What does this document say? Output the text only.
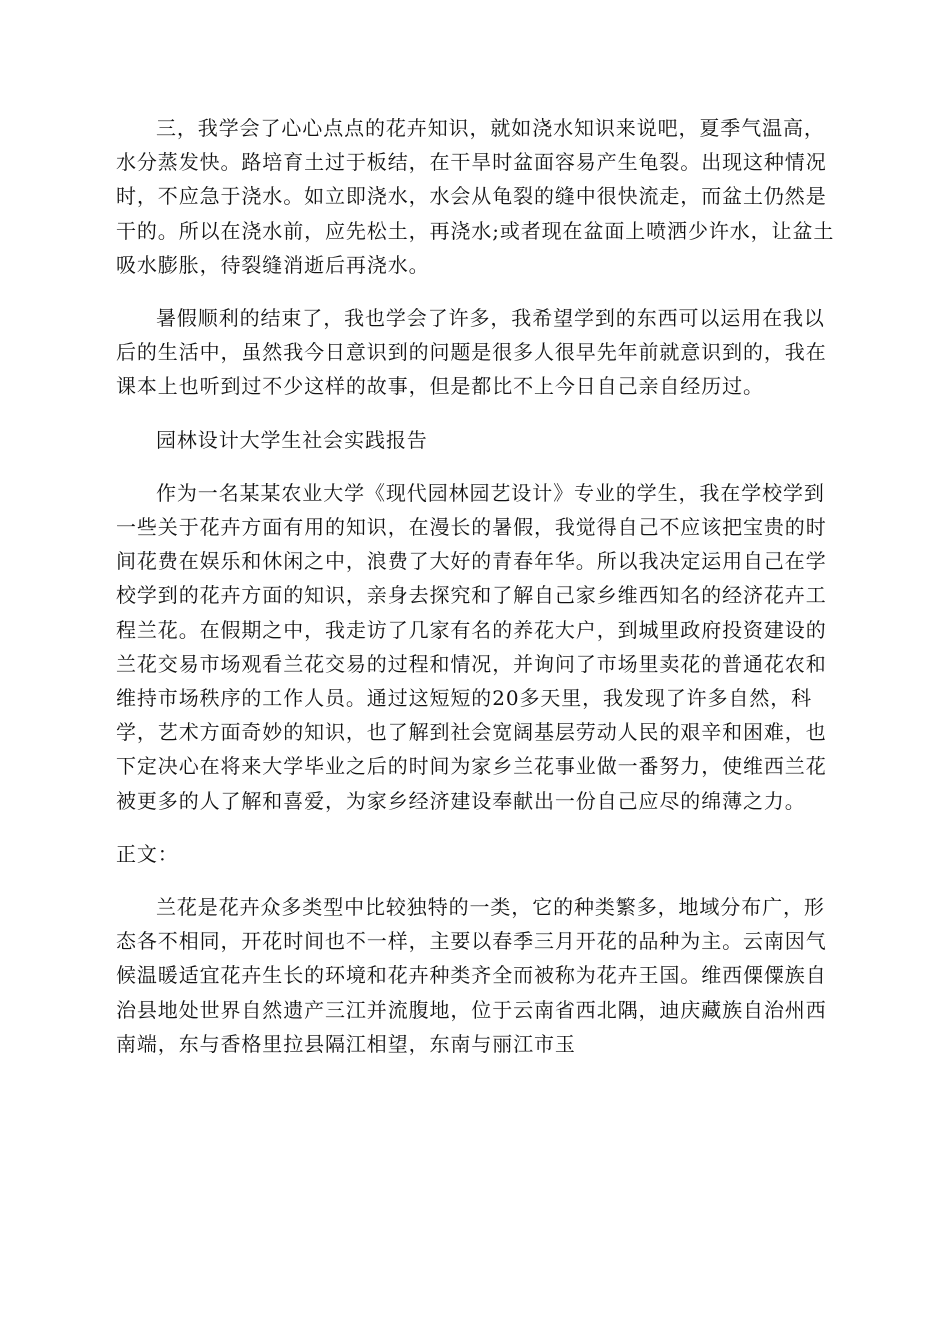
三，我学会了心心点点的花卉知识，就如浇水知识来说吧，夏季气温高，水分蒸发快。路培育土过于板结，在干旱时盆面容易产生龟裂。出现这种情况时，不应急于浇水。如立即浇水，水会从龟裂的缝中很快流走，而盆土仍然是干的。所以在浇水前，应先松土，再浇水;或者现在盆面上喷洒少许水，让盆土吸水膨胀，待裂缝消逝后再浇水。

暑假顺利的结束了，我也学会了许多，我希望学到的东西可以运用在我以后的生活中，虽然我今日意识到的问题是很多人很早先年前就意识到的，我在课本上也听到过不少这样的故事，但是都比不上今日自己亲自经历过。

园林设计大学生社会实践报告

作为一名某某农业大学《现代园林园艺设计》专业的学生，我在学校学到一些关于花卉方面有用的知识，在漫长的暑假，我觉得自己不应该把宝贵的时间花费在娱乐和休闲之中，浪费了大好的青春年华。所以我决定运用自己在学校学到的花卉方面的知识，亲身去探究和了解自己家乡维西知名的经济花卉工程兰花。在假期之中，我走访了几家有名的养花大户，到城里政府投资建设的兰花交易市场观看兰花交易的过程和情况，并询问了市场里卖花的普通花农和维持市场秩序的工作人员。通过这短短的20多天里，我发现了许多自然，科学，艺术方面奇妙的知识，也了解到社会宽阔基层劳动人民的艰辛和困难，也下定决心在将来大学毕业之后的时间为家乡兰花事业做一番努力，使维西兰花被更多的人了解和喜爱，为家乡经济建设奉献出一份自己应尽的绵薄之力。

正文：

兰花是花卉众多类型中比较独特的一类，它的种类繁多，地域分布广，形态各不相同，开花时间也不一样，主要以春季三月开花的品种为主。云南因气候温暖适宜花卉生长的环境和花卉种类齐全而被称为花卉王国。维西傈僳族自治县地处世界自然遗产三江并流腹地，位于云南省西北隅，迪庆藏族自治州西南端，东与香格里拉县隔江相望，东南与丽江市玉
